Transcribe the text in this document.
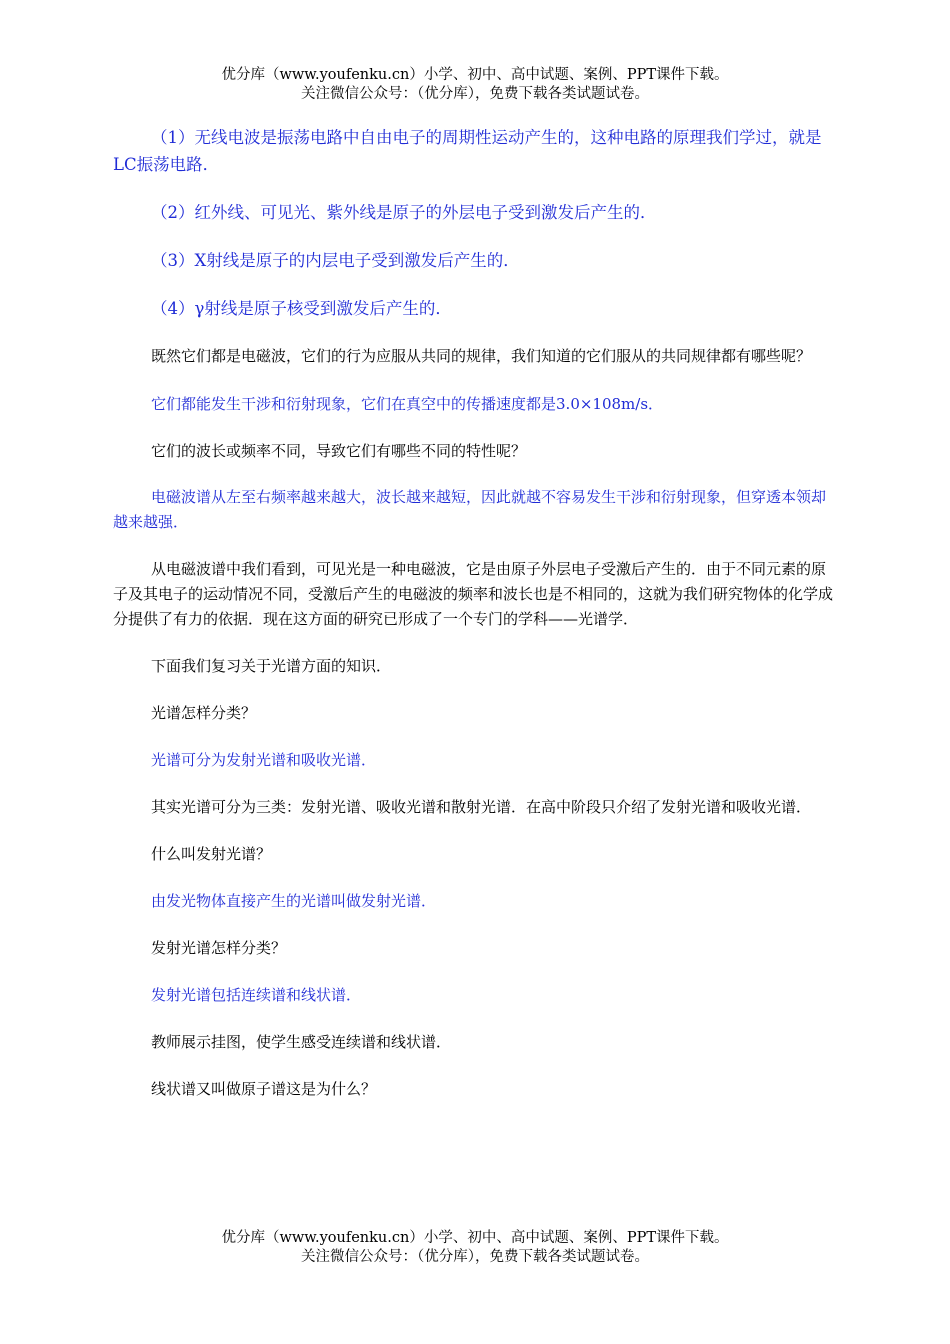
优分库（www.youfenku.cn）小学、初中、高中试题、案例、PPT课件下载。
关注微信公众号：（优分库），免费下载各类试题试卷。

（1）无线电波是振荡电路中自由电子的周期性运动产生的，这种电路的原理我们学过，就是LC振荡电路．

（2）红外线、可见光、紫外线是原子的外层电子受到激发后产生的．

（3）X射线是原子的内层电子受到激发后产生的．

（4）γ射线是原子核受到激发后产生的．

既然它们都是电磁波，它们的行为应服从共同的规律，我们知道的它们服从的共同规律都有哪些呢？

它们都能发生干涉和衍射现象，它们在真空中的传播速度都是3.0×108m/s．

它们的波长或频率不同，导致它们有哪些不同的特性呢？

电磁波谱从左至右频率越来越大，波长越来越短，因此就越不容易发生干涉和衍射现象，但穿透本领却越来越强．

从电磁波谱中我们看到，可见光是一种电磁波，它是由原子外层电子受激后产生的．由于不同元素的原子及其电子的运动情况不同，受激后产生的电磁波的频率和波长也是不相同的，这就为我们研究物体的化学成分提供了有力的依据．现在这方面的研究已形成了一个专门的学科——光谱学．

下面我们复习关于光谱方面的知识．

光谱怎样分类？

光谱可分为发射光谱和吸收光谱．

其实光谱可分为三类：发射光谱、吸收光谱和散射光谱．在高中阶段只介绍了发射光谱和吸收光谱．

什么叫发射光谱？

由发光物体直接产生的光谱叫做发射光谱．

发射光谱怎样分类？

发射光谱包括连续谱和线状谱．

教师展示挂图，使学生感受连续谱和线状谱．

线状谱又叫做原子谱这是为什么？

优分库（www.youfenku.cn）小学、初中、高中试题、案例、PPT课件下载。
关注微信公众号：（优分库），免费下载各类试题试卷。
